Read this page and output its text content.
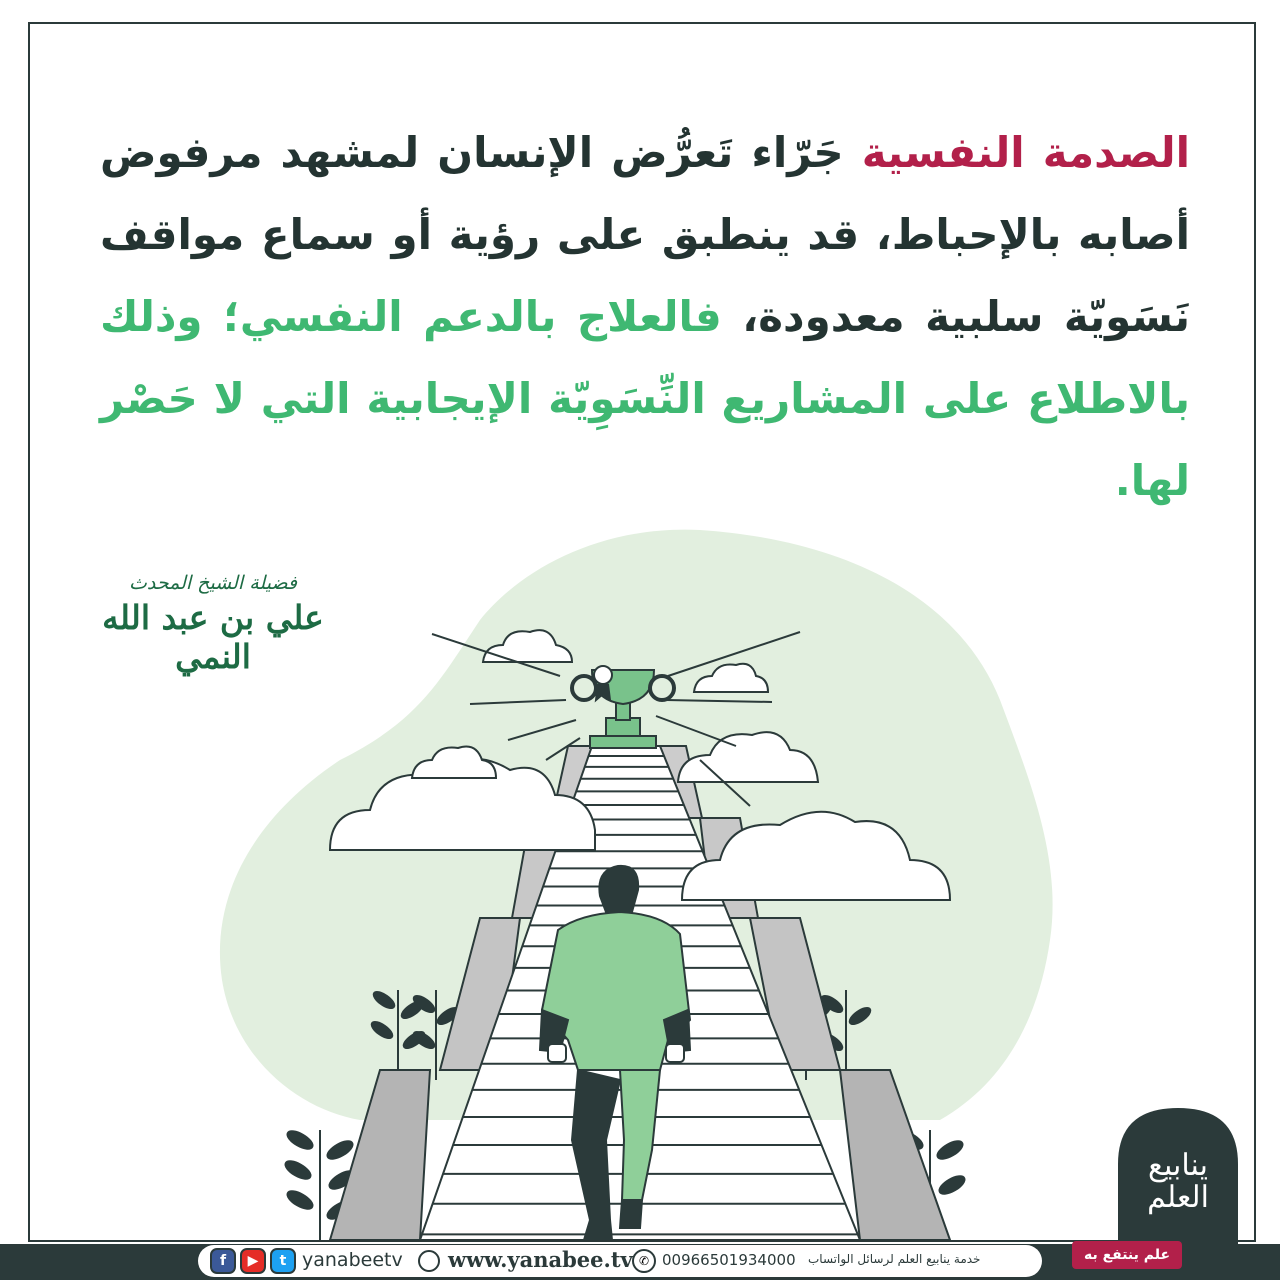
الصدمة النفسية جَرّاء تَعرُّض الإنسان لمشهد مرفوض أصابه بالإحباط، قد ينطبق على رؤية أو سماع مواقف نَسَويّة سلبية معدودة، فالعلاج بالدعم النفسي؛ وذلك بالاطلاع على المشاريع النِّسَوِيّة الإيجابية التي لا حَصْر لها.
فضيلة الشيخ المحدث
علي بن عبد الله النمي
ينابيع العلم
علم ينتفع به
f	▶	t yanabeetv www.yanabee.tv ✆ 00966501934000 خدمة ينابيع العلم لرسائل الواتساب
